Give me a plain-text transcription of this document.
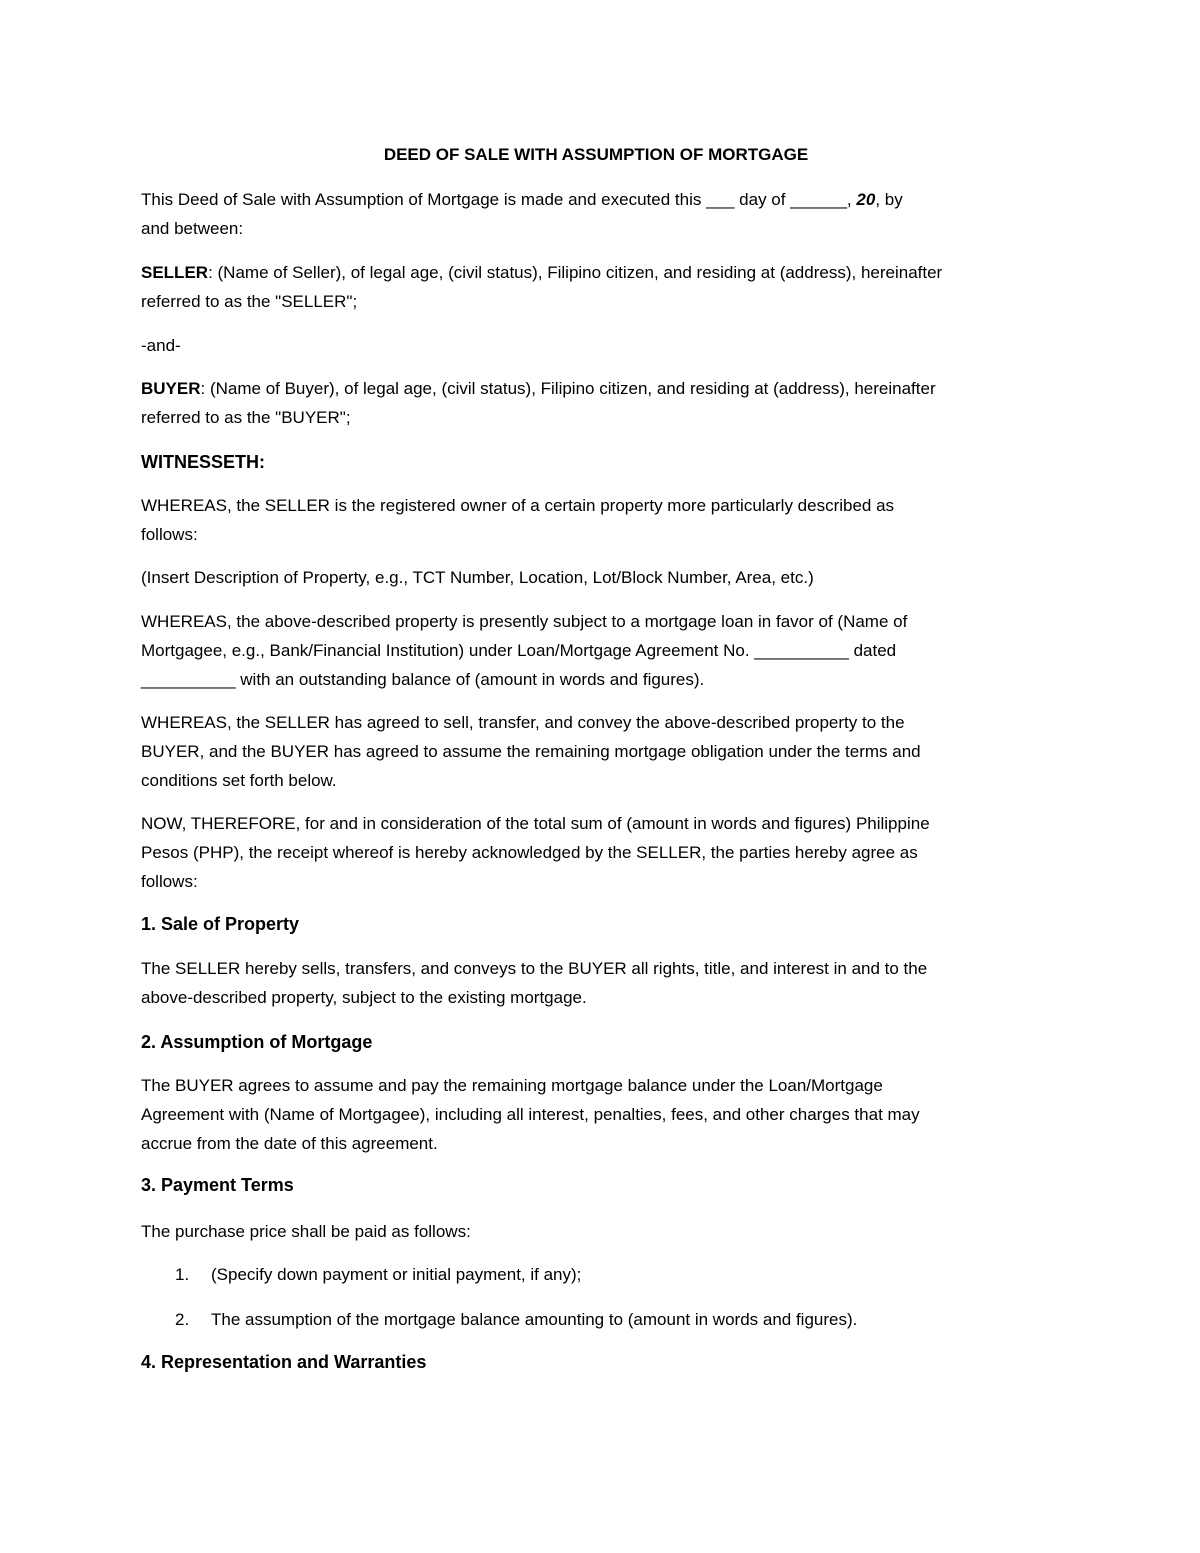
DEED OF SALE WITH ASSUMPTION OF MORTGAGE
This Deed of Sale with Assumption of Mortgage is made and executed this ___ day of ______, 20, by
and between:
SELLER: (Name of Seller), of legal age, (civil status), Filipino citizen, and residing at (address), hereinafter
referred to as the "SELLER";
-and-
BUYER: (Name of Buyer), of legal age, (civil status), Filipino citizen, and residing at (address), hereinafter
referred to as the "BUYER";
WITNESSETH:
WHEREAS, the SELLER is the registered owner of a certain property more particularly described as
follows:
(Insert Description of Property, e.g., TCT Number, Location, Lot/Block Number, Area, etc.)
WHEREAS, the above-described property is presently subject to a mortgage loan in favor of (Name of
Mortgagee, e.g., Bank/Financial Institution) under Loan/Mortgage Agreement No. __________ dated
__________ with an outstanding balance of (amount in words and figures).
WHEREAS, the SELLER has agreed to sell, transfer, and convey the above-described property to the
BUYER, and the BUYER has agreed to assume the remaining mortgage obligation under the terms and
conditions set forth below.
NOW, THEREFORE, for and in consideration of the total sum of (amount in words and figures) Philippine
Pesos (PHP), the receipt whereof is hereby acknowledged by the SELLER, the parties hereby agree as
follows:
1. Sale of Property
The SELLER hereby sells, transfers, and conveys to the BUYER all rights, title, and interest in and to the
above-described property, subject to the existing mortgage.
2. Assumption of Mortgage
The BUYER agrees to assume and pay the remaining mortgage balance under the Loan/Mortgage
Agreement with (Name of Mortgagee), including all interest, penalties, fees, and other charges that may
accrue from the date of this agreement.
3. Payment Terms
The purchase price shall be paid as follows:
1.	(Specify down payment or initial payment, if any);
2.	The assumption of the mortgage balance amounting to (amount in words and figures).
4. Representation and Warranties
